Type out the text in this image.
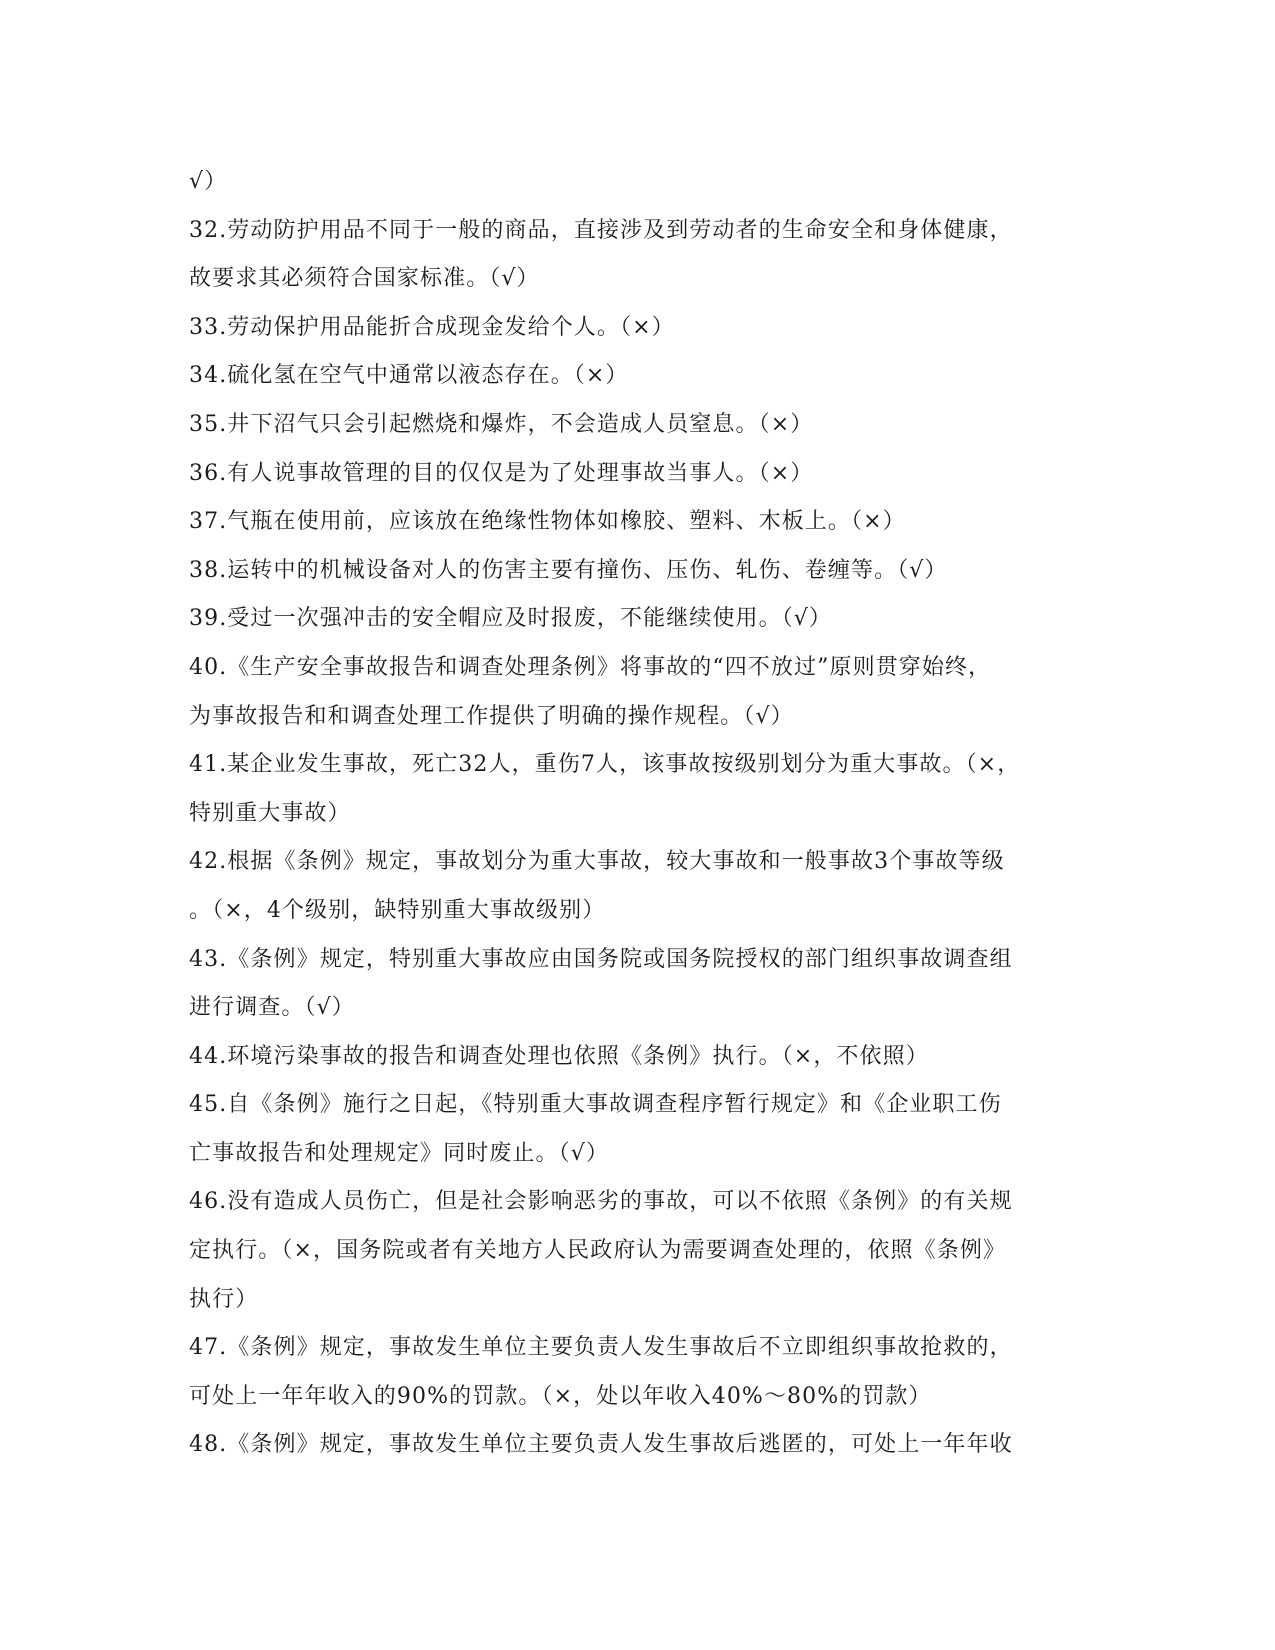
√）
32.劳动防护用品不同于一般的商品，直接涉及到劳动者的生命安全和身体健康，
故要求其必须符合国家标准。（√）
33.劳动保护用品能折合成现金发给个人。（×）
34.硫化氢在空气中通常以液态存在。（×）
35.井下沼气只会引起燃烧和爆炸，不会造成人员窒息。（×）
36.有人说事故管理的目的仅仅是为了处理事故当事人。（×）
37.气瓶在使用前，应该放在绝缘性物体如橡胶、塑料、木板上。（×）
38.运转中的机械设备对人的伤害主要有撞伤、压伤、轧伤、卷缠等。（√）
39.受过一次强冲击的安全帽应及时报废，不能继续使用。（√）
40.《生产安全事故报告和调查处理条例》将事故的“四不放过”原则贯穿始终，
为事故报告和和调查处理工作提供了明确的操作规程。（√）
41.某企业发生事故，死亡32人，重伤7人，该事故按级别划分为重大事故。（×，
特别重大事故）
42.根据《条例》规定，事故划分为重大事故，较大事故和一般事故3个事故等级
。（×，4个级别，缺特别重大事故级别）
43.《条例》规定，特别重大事故应由国务院或国务院授权的部门组织事故调查组
进行调查。（√）
44.环境污染事故的报告和调查处理也依照《条例》执行。（×，不依照）
45.自《条例》施行之日起，《特别重大事故调查程序暂行规定》和《企业职工伤
亡事故报告和处理规定》同时废止。（√）
46.没有造成人员伤亡，但是社会影响恶劣的事故，可以不依照《条例》的有关规
定执行。（×，国务院或者有关地方人民政府认为需要调查处理的，依照《条例》
执行）
47.《条例》规定，事故发生单位主要负责人发生事故后不立即组织事故抢救的，
可处上一年年收入的90%的罚款。（×，处以年收入40%～80%的罚款）
48.《条例》规定，事故发生单位主要负责人发生事故后逃匿的，可处上一年年收
